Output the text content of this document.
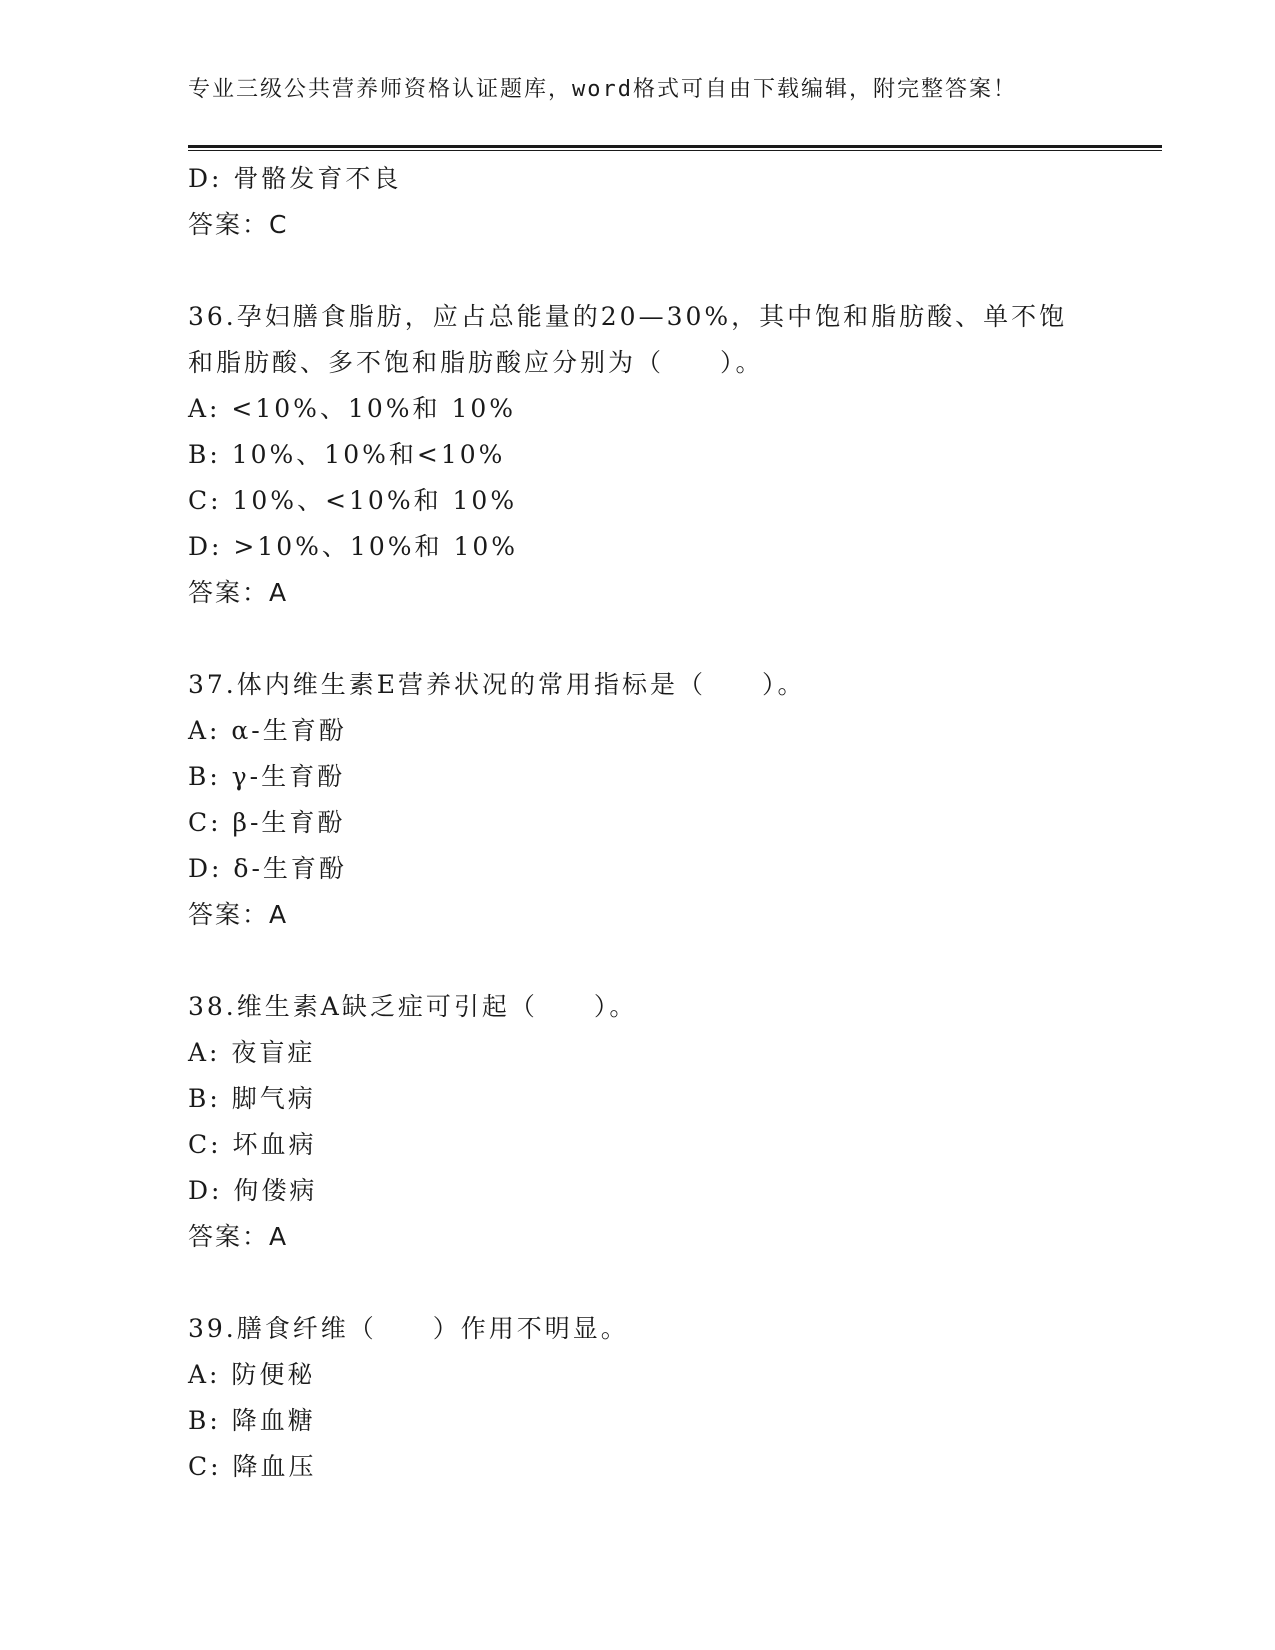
专业三级公共营养师资格认证题库，word格式可自由下载编辑，附完整答案！
D: 骨骼发育不良
答案：C
36.孕妇膳食脂肪，应占总能量的20—30%，其中饱和脂肪酸、单不饱
和脂肪酸、多不饱和脂肪酸应分别为（　　）。
A: <10%、10%和 10%
B: 10%、10%和<10%
C: 10%、<10%和 10%
D: >10%、10%和 10%
答案：A
37.体内维生素E营养状况的常用指标是（　　）。
A: α-生育酚
B: γ-生育酚
C: β-生育酚
D: δ-生育酚
答案：A
38.维生素A缺乏症可引起（　　）。
A: 夜盲症
B: 脚气病
C: 坏血病
D: 佝偻病
答案：A
39.膳食纤维（　　）作用不明显。
A: 防便秘
B: 降血糖
C: 降血压
